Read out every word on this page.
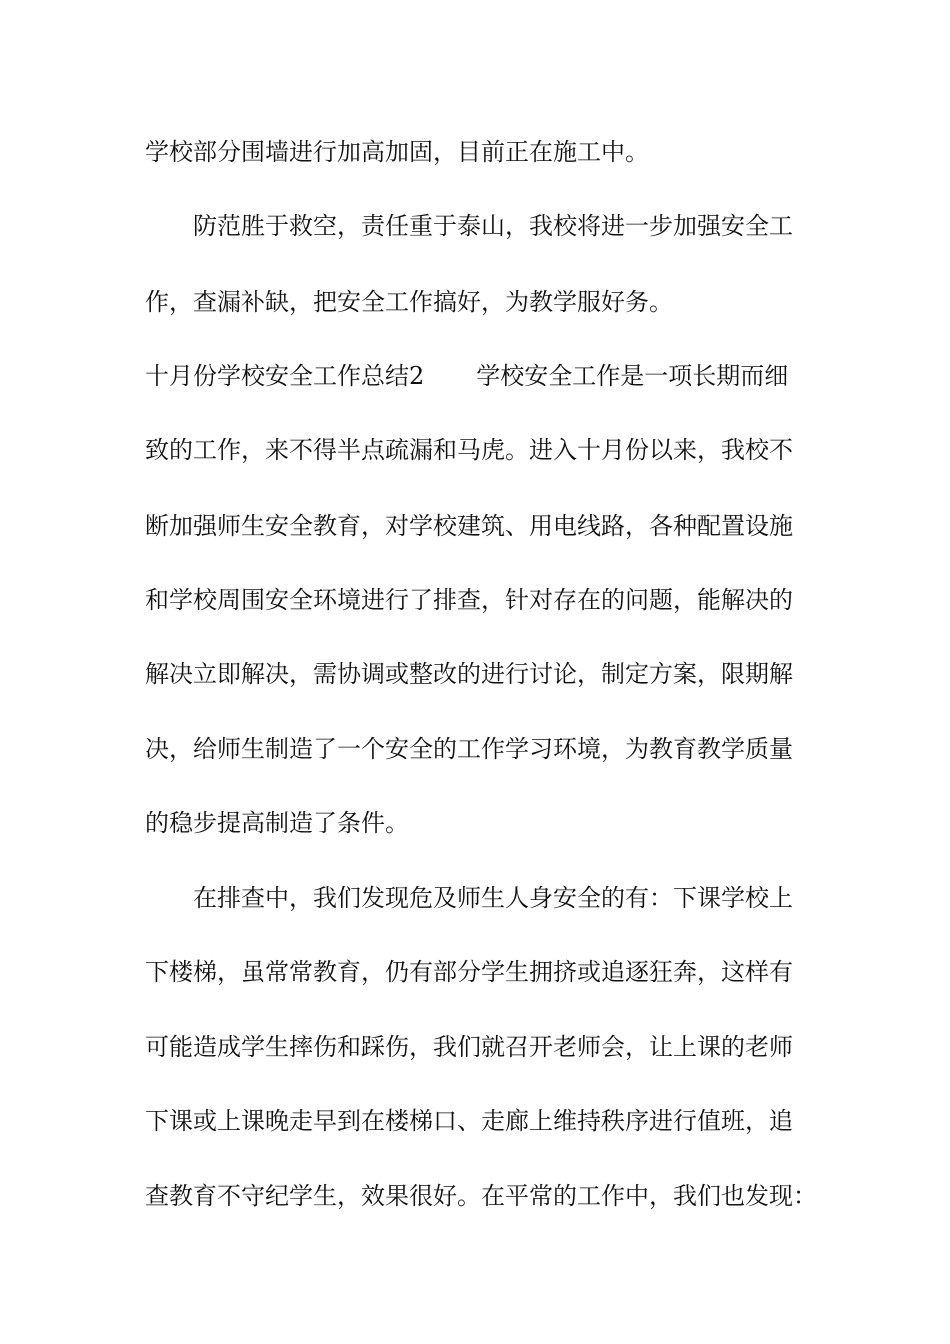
学校部分围墙进行加高加固，目前正在施工中。
防范胜于救空，责任重于泰山，我校将进一步加强安全工
作，查漏补缺，把安全工作搞好，为教学服好务。
十月份学校安全工作总结2 学校安全工作是一项长期而细
致的工作，来不得半点疏漏和马虎。进入十月份以来，我校不
断加强师生安全教育，对学校建筑、用电线路，各种配置设施
和学校周围安全环境进行了排查，针对存在的问题，能解决的
解决立即解决，需协调或整改的进行讨论，制定方案，限期解
决，给师生制造了一个安全的工作学习环境，为教育教学质量
的稳步提高制造了条件。
在排查中，我们发现危及师生人身安全的有：下课学校上
下楼梯，虽常常教育，仍有部分学生拥挤或追逐狂奔，这样有
可能造成学生摔伤和踩伤，我们就召开老师会，让上课的老师
下课或上课晚走早到在楼梯口、走廊上维持秩序进行值班，追
查教育不守纪学生，效果很好。在平常的工作中，我们也发现：
